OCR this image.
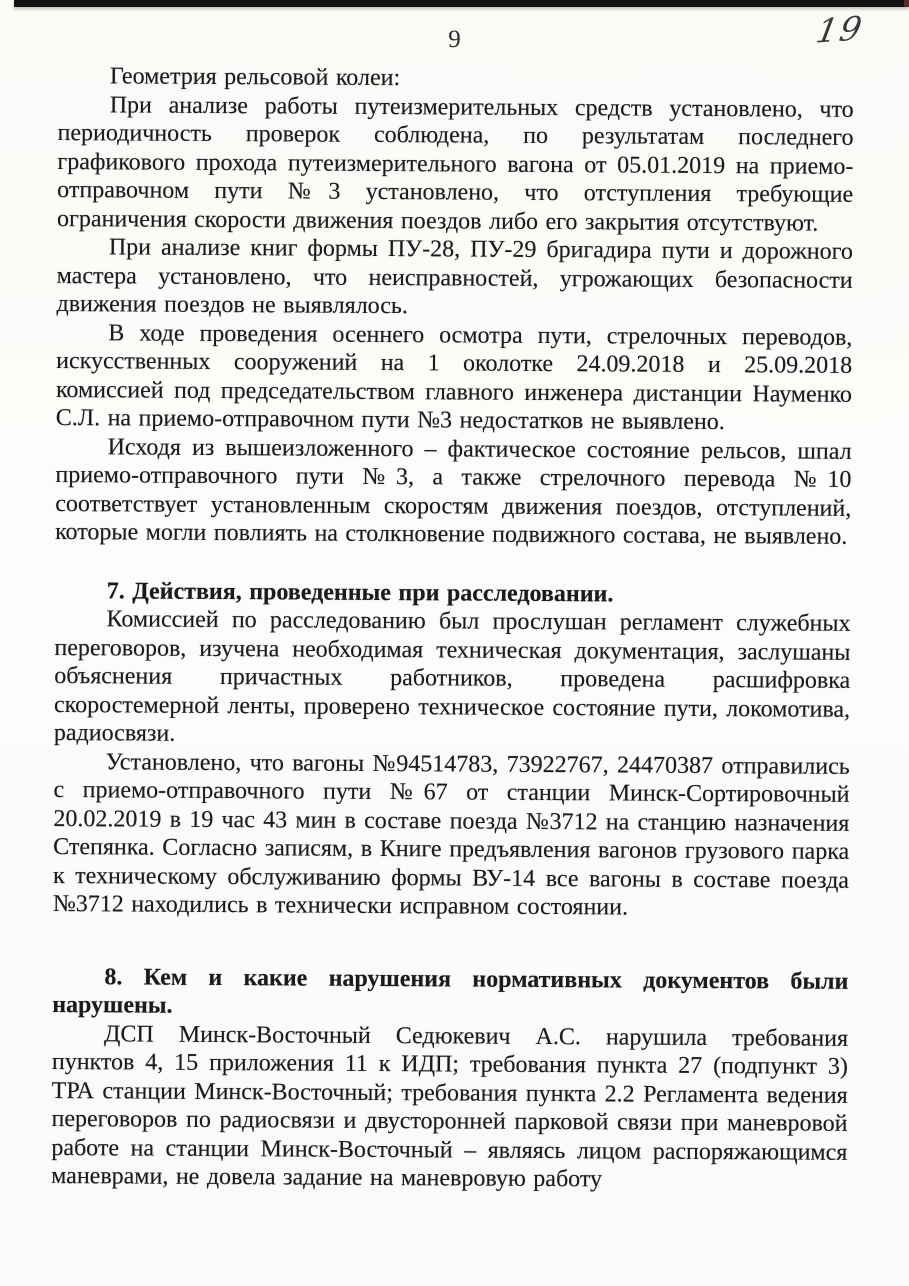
19
9

Геометрия рельсовой колеи:

При анализе работы путеизмерительных средств установлено, что периодичность проверок соблюдена, по результатам последнего графикового прохода путеизмерительного вагона от 05.01.2019 на приемо-отправочном пути №3 установлено, что отступления требующие ограничения скорости движения поездов либо его закрытия отсутствуют.

При анализе книг формы ПУ-28, ПУ-29 бригадира пути и дорожного мастера установлено, что неисправностей, угрожающих безопасности движения поездов не выявлялось.

В ходе проведения осеннего осмотра пути, стрелочных переводов, искусственных сооружений на 1 околотке 24.09.2018 и 25.09.2018 комиссией под председательством главного инженера дистанции Науменко С.Л. на приемо-отправочном пути №3 недостатков не выявлено.

Исходя из вышеизложенного – фактическое состояние рельсов, шпал приемо-отправочного пути №3, а также стрелочного перевода №10 соответствует установленным скоростям движения поездов, отступлений, которые могли повлиять на столкновение подвижного состава, не выявлено.

7. Действия, проведенные при расследовании.

Комиссией по расследованию был прослушан регламент служебных переговоров, изучена необходимая техническая документация, заслушаны объяснения причастных работников, проведена расшифровка скоростемерной ленты, проверено техническое состояние пути, локомотива, радиосвязи.

Установлено, что вагоны №94514783, 73922767, 24470387 отправились с приемо-отправочного пути №67 от станции Минск-Сортировочный 20.02.2019 в 19 час 43 мин в составе поезда №3712 на станцию назначения Степянка. Согласно записям, в Книге предъявления вагонов грузового парка к техническому обслуживанию формы ВУ-14 все вагоны в составе поезда №3712 находились в технически исправном состоянии.

8. Кем и какие нарушения нормативных документов были нарушены.

ДСП Минск-Восточный Седюкевич А.С. нарушила требования пунктов 4, 15 приложения 11 к ИДП; требования пункта 27 (подпункт 3) ТРА станции Минск-Восточный; требования пункта 2.2 Регламента ведения переговоров по радиосвязи и двусторонней парковой связи при маневровой работе на станции Минск-Восточный – являясь лицом распоряжающимся маневрами, не довела задание на маневровую работу
